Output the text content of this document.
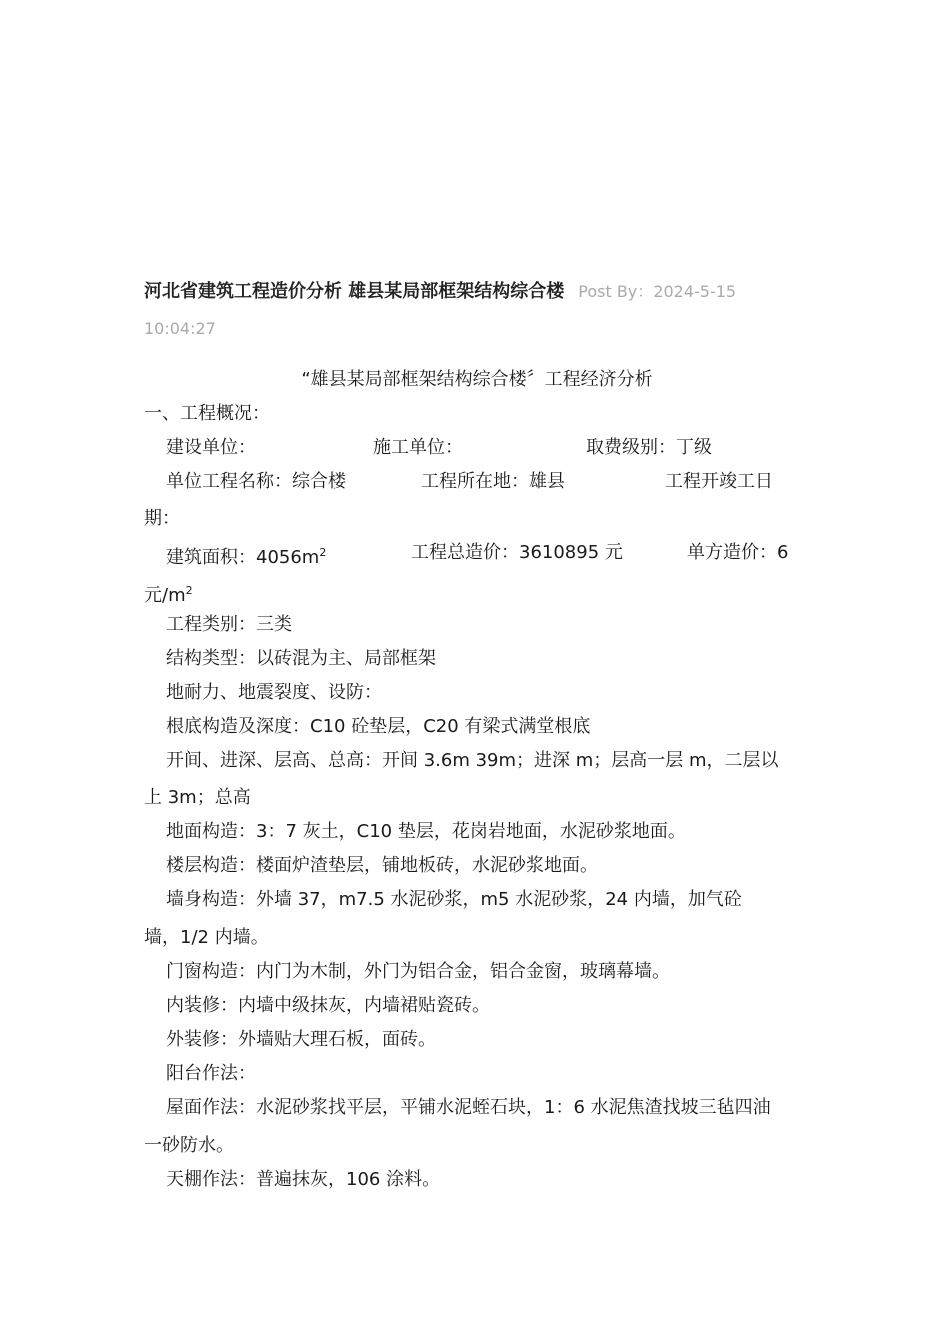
河北省建筑工程造价分析 雄县某局部框架结构综合楼 Post By：2024-5-15
10:04:27
“雄县某局部框架结构综合楼〞工程经济分析
一、工程概况：
建设单位：	施工单位：	取费级别：丁级
单位工程名称：综合楼	工程所在地：雄县	工程开竣工日
期：
建筑面积：$4056m^2$	工程总造价：3610895 元	单方造价：6
元$/m^2$
工程类别：三类
结构类型：以砖混为主、局部框架
地耐力、地震裂度、设防：
根底构造及深度：C10 砼垫层，C20 有梁式满堂根底
开间、进深、层高、总高：开间 3.6m 39m；进深 m；层高一层 m，二层以
上 3m；总高
地面构造：3：7 灰土，C10 垫层，花岗岩地面，水泥砂浆地面。
楼层构造：楼面炉渣垫层，铺地板砖，水泥砂浆地面。
墙身构造：外墙 37，m7.5 水泥砂浆，m5 水泥砂浆，24 内墙，加气砼
墙，1/2 内墙。
门窗构造：内门为木制，外门为铝合金，铝合金窗，玻璃幕墙。
内装修：内墙中级抹灰，内墙裙贴瓷砖。
外装修：外墙贴大理石板，面砖。
阳台作法：
屋面作法：水泥砂浆找平层，平铺水泥蛭石块，1：6 水泥焦渣找坡三毡四油
一砂防水。
天棚作法：普遍抹灰，106 涂料。
